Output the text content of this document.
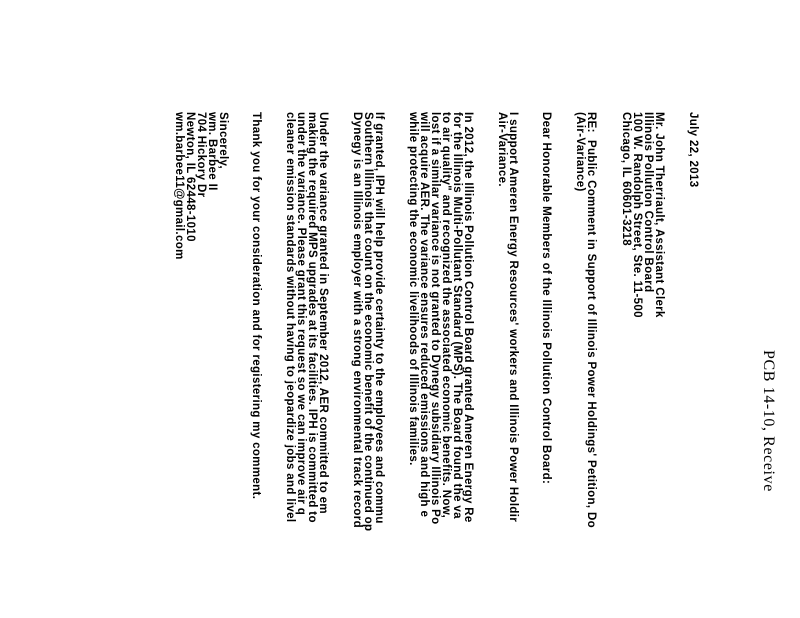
PCB 14-10, Receive
July 22, 2013
Mr. John Therriault, Assistant Clerk
Illinois Pollution Control Board
100 W. Randolph Street, Ste. 11-500
Chicago, IL 60601-3218
RE:  Public Comment in Support of Illinois Power Holdings' Petition, Do
(Air-Variance)
Dear Honorable Members of the Illinois Pollution Control Board:
I support Ameren Energy Resources' workers and Illinois Power Holdir
Air-Variance.
In 2012, the Illinois Pollution Control Board granted Ameren Energy Re
for the Illinois Multi-Pollutant Standard (MPS). The Board found the va
to air quality" and recognized the associated economic benefits. Now,
lost if a similar variance is not granted to Dynegy subsidiary Illinois Po
will acquire AER. The variance ensures reduced emissions and high e
while protecting the economic livelihoods of Illinois families.
If granted, IPH will help provide certainty to the employees and commu
Southern Illinois that count on the economic benefit of the continued op
Dynegy is an Illinois employer with a strong environmental track record
Under the variance granted in September 2012, AER committed to em
making the required MPS upgrades at its facilities. IPH is committed to
under the variance. Please grant this request so we can improve air q
cleaner emission standards without having to jeopardize jobs and livel
Thank you for your consideration and for registering my comment.
Sincerely,
wm. Barbee II
704 Hickory Dr
Newton, IL 62448-1010
wm.barbee11@gmail.com
